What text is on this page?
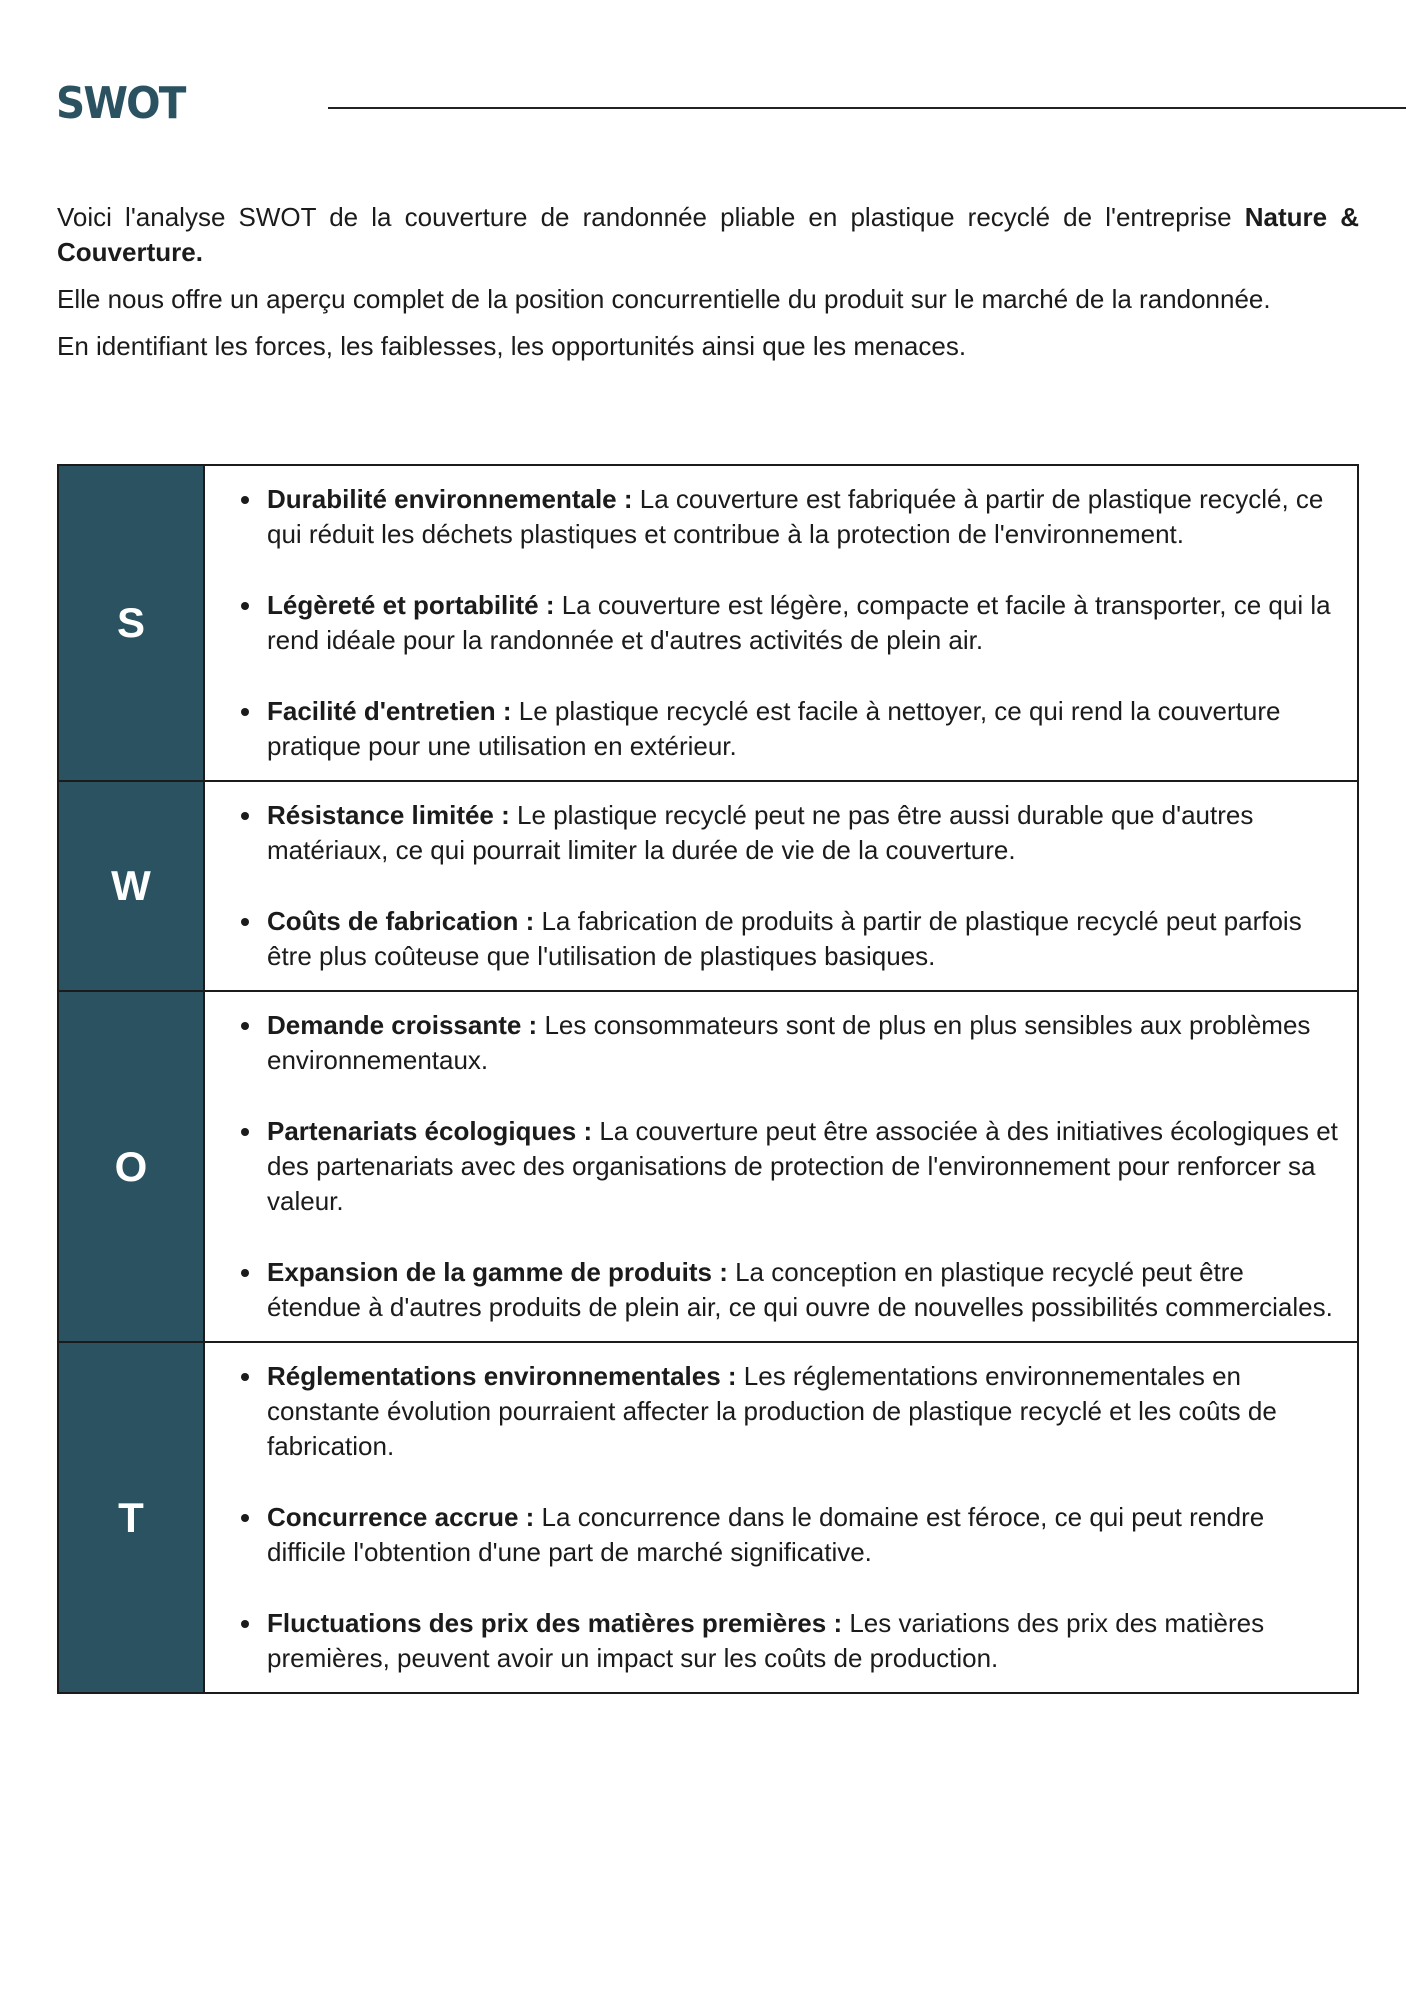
SWOT

Voici l'analyse SWOT de la couverture de randonnée pliable en plastique recyclé de l'entreprise Nature & Couverture.

Elle nous offre un aperçu complet de la position concurrentielle du produit sur le marché de la randonnée.

En identifiant les forces, les faiblesses, les opportunités ainsi que les menaces.

S
Durabilité environnementale : La couverture est fabriquée à partir de plastique recyclé, ce qui réduit les déchets plastiques et contribue à la protection de l'environnement.
Légèreté et portabilité : La couverture est légère, compacte et facile à transporter, ce qui la rend idéale pour la randonnée et d'autres activités de plein air.
Facilité d'entretien : Le plastique recyclé est facile à nettoyer, ce qui rend la couverture pratique pour une utilisation en extérieur.
W
Résistance limitée : Le plastique recyclé peut ne pas être aussi durable que d'autres matériaux, ce qui pourrait limiter la durée de vie de la couverture.
Coûts de fabrication : La fabrication de produits à partir de plastique recyclé peut parfois être plus coûteuse que l'utilisation de plastiques basiques.
O
Demande croissante : Les consommateurs sont de plus en plus sensibles aux problèmes environnementaux.
Partenariats écologiques : La couverture peut être associée à des initiatives écologiques et des partenariats avec des organisations de protection de l'environnement pour renforcer sa valeur.
Expansion de la gamme de produits : La conception en plastique recyclé peut être étendue à d'autres produits de plein air, ce qui ouvre de nouvelles possibilités commerciales.
T
Réglementations environnementales : Les réglementations environnementales en constante évolution pourraient affecter la production de plastique recyclé et les coûts de fabrication.
Concurrence accrue : La concurrence dans le domaine est féroce, ce qui peut rendre difficile l'obtention d'une part de marché significative.
Fluctuations des prix des matières premières : Les variations des prix des matières premières, peuvent avoir un impact sur les coûts de production.
